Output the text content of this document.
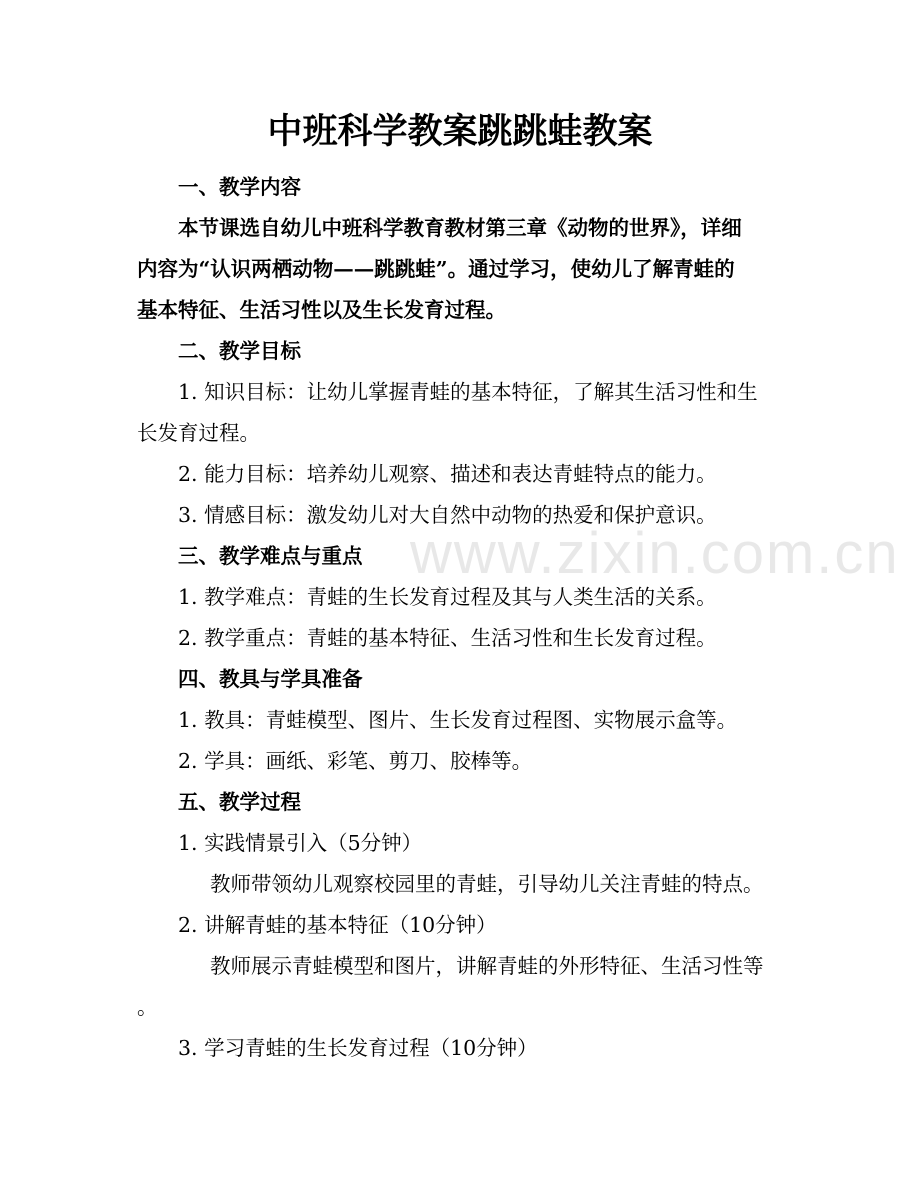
www.zixin.com.cn
中班科学教案跳跳蛙教案
一、教学内容
本节课选自幼儿中班科学教育教材第三章《动物的世界》，详细
内容为“认识两栖动物——跳跳蛙”。通过学习，使幼儿了解青蛙的
基本特征、生活习性以及生长发育过程。
二、教学目标
1. 知识目标：让幼儿掌握青蛙的基本特征，了解其生活习性和生
长发育过程。
2. 能力目标：培养幼儿观察、描述和表达青蛙特点的能力。
3. 情感目标：激发幼儿对大自然中动物的热爱和保护意识。
三、教学难点与重点
1. 教学难点：青蛙的生长发育过程及其与人类生活的关系。
2. 教学重点：青蛙的基本特征、生活习性和生长发育过程。
四、教具与学具准备
1. 教具：青蛙模型、图片、生长发育过程图、实物展示盒等。
2. 学具：画纸、彩笔、剪刀、胶棒等。
五、教学过程
1. 实践情景引入（5分钟）
教师带领幼儿观察校园里的青蛙，引导幼儿关注青蛙的特点。
2. 讲解青蛙的基本特征（10分钟）
教师展示青蛙模型和图片，讲解青蛙的外形特征、生活习性等
。
3. 学习青蛙的生长发育过程（10分钟）
